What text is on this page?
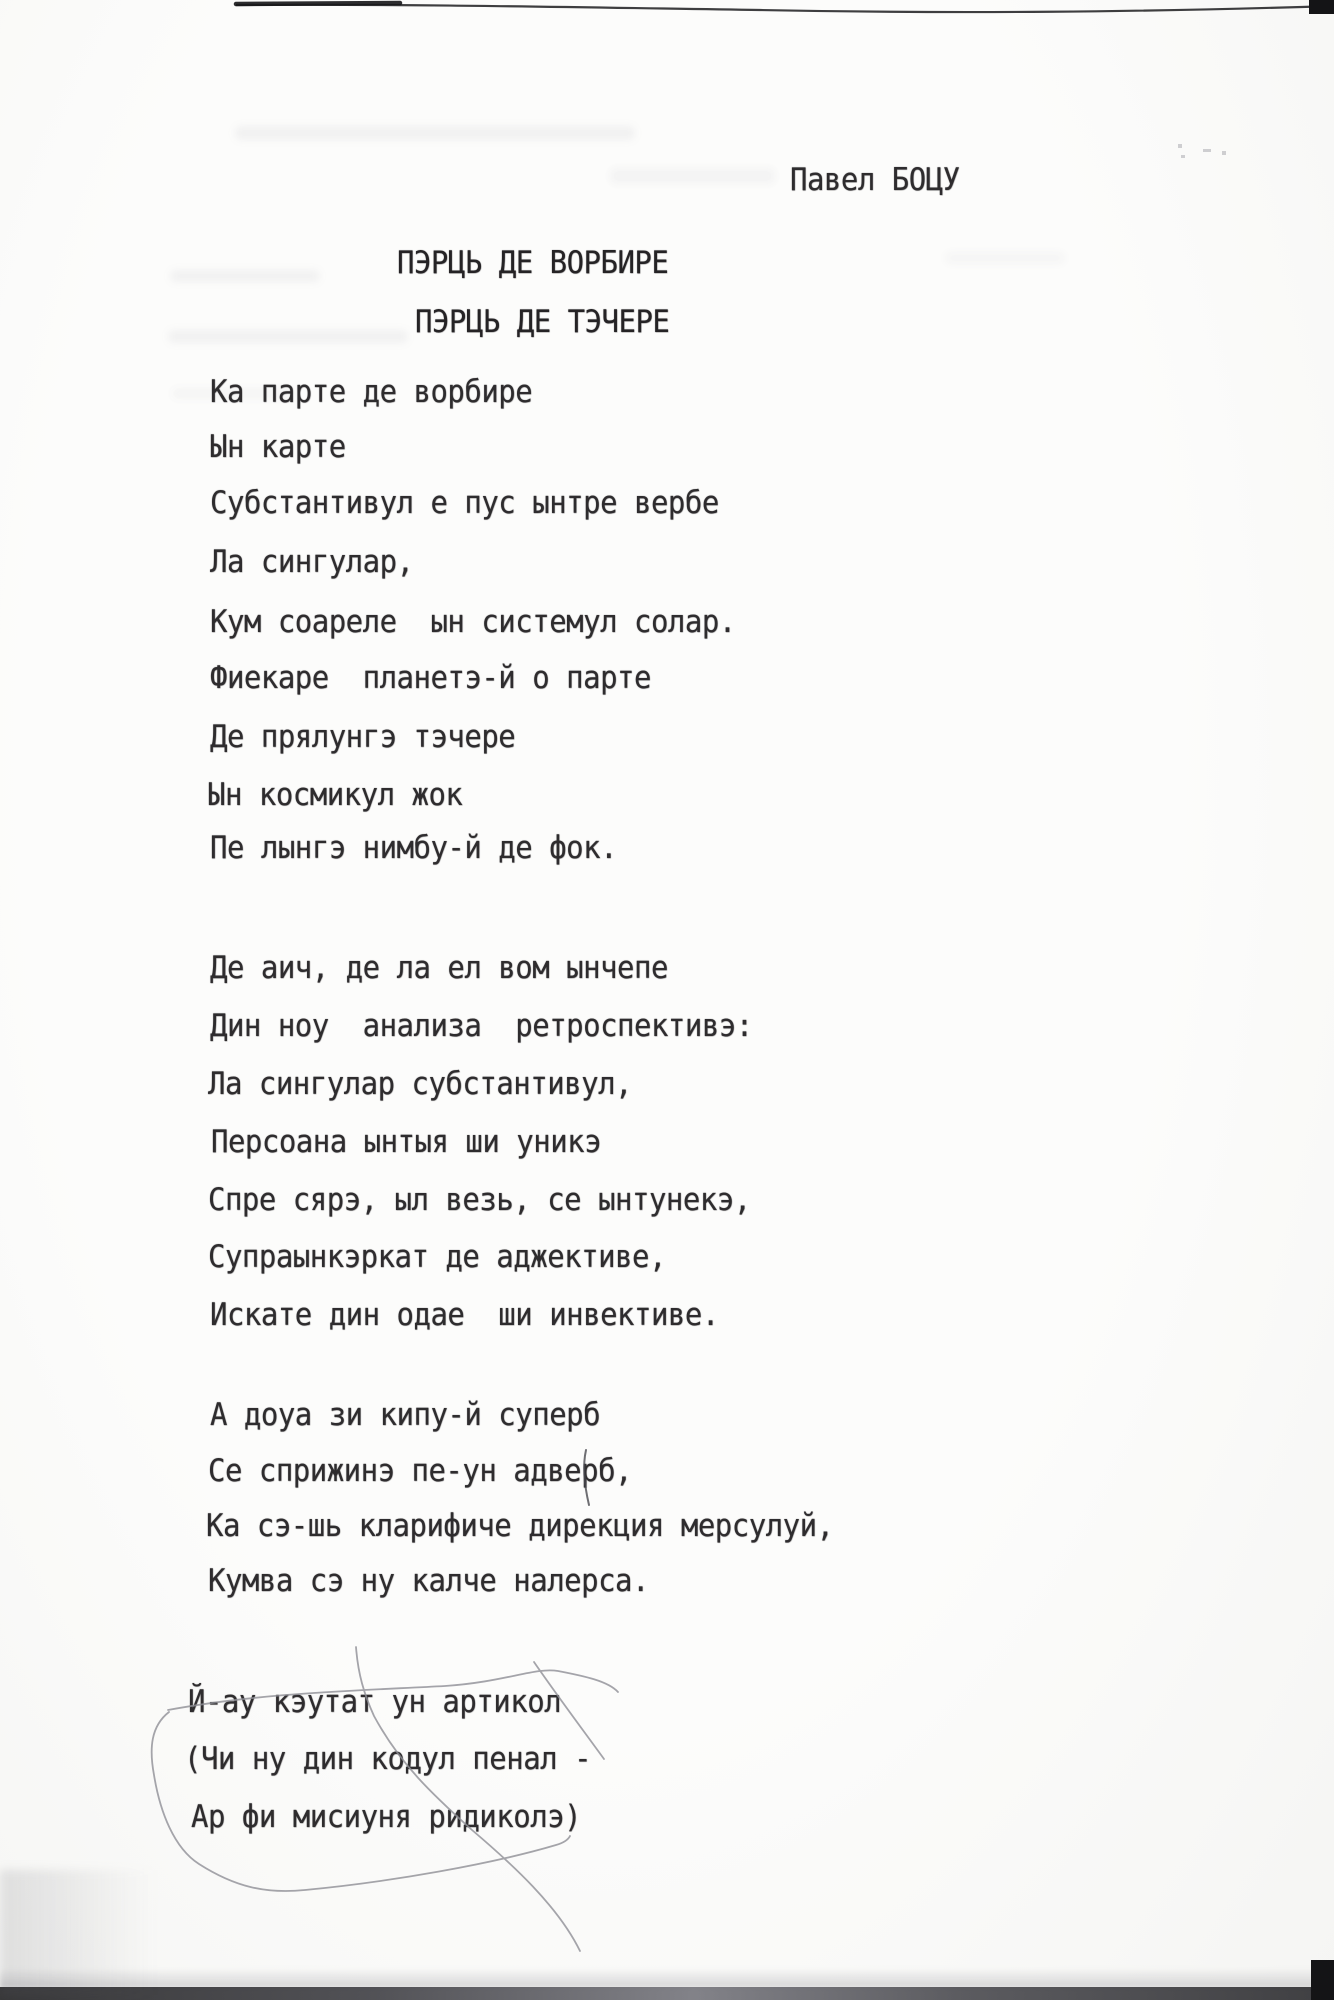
Павел БОЦУ
ПЭРЦЬ ДЕ ВОРБИРЕ
ПЭРЦЬ ДЕ ТЭЧЕРЕ
Ка парте де ворбире
Ын карте
Субстантивул е пус ынтре вербе
Ла сингулар,
Кум соареле  ын системул солар.
Фиекаре  планетэ-й о парте
Де прялунгэ тэчере
Ын космикул жок
Пе лынгэ нимбу-й де фок.
Де аич, де ла ел вом ынчепе
Дин ноу  анализа  ретроспективэ:
Ла сингулар субстантивул,
Персоана ынтыя ши уникэ
Спре сярэ, ыл везь, се ынтунекэ,
Супраынкэркат де аджективе,
Искате дин одае  ши инвективе.
А доуа зи кипу-й суперб
Се сприжинэ пе-ун адверб,
Ка сэ-шь кларифиче дирекция мерсулуй,
Кумва сэ ну калче налерса.
Й-ау кэутат ун артикол
(Чи ну дин кодул пенал -
Ар фи мисиуня ридиколэ)
